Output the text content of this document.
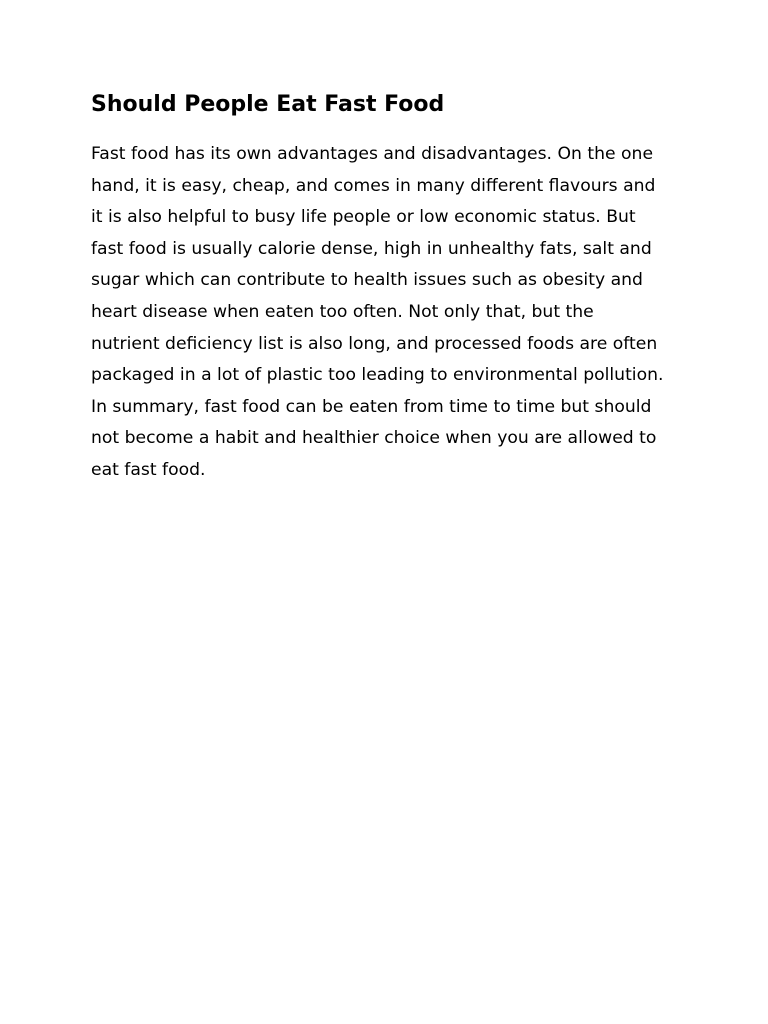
Should People Eat Fast Food
Fast food has its own advantages and disadvantages. On the one
hand, it is easy, cheap, and comes in many different flavours and
it is also helpful to busy life people or low economic status. But
fast food is usually calorie dense, high in unhealthy fats, salt and
sugar which can contribute to health issues such as obesity and
heart disease when eaten too often. Not only that, but the
nutrient deficiency list is also long, and processed foods are often
packaged in a lot of plastic too leading to environmental pollution.
In summary, fast food can be eaten from time to time but should
not become a habit and healthier choice when you are allowed to
eat fast food.
